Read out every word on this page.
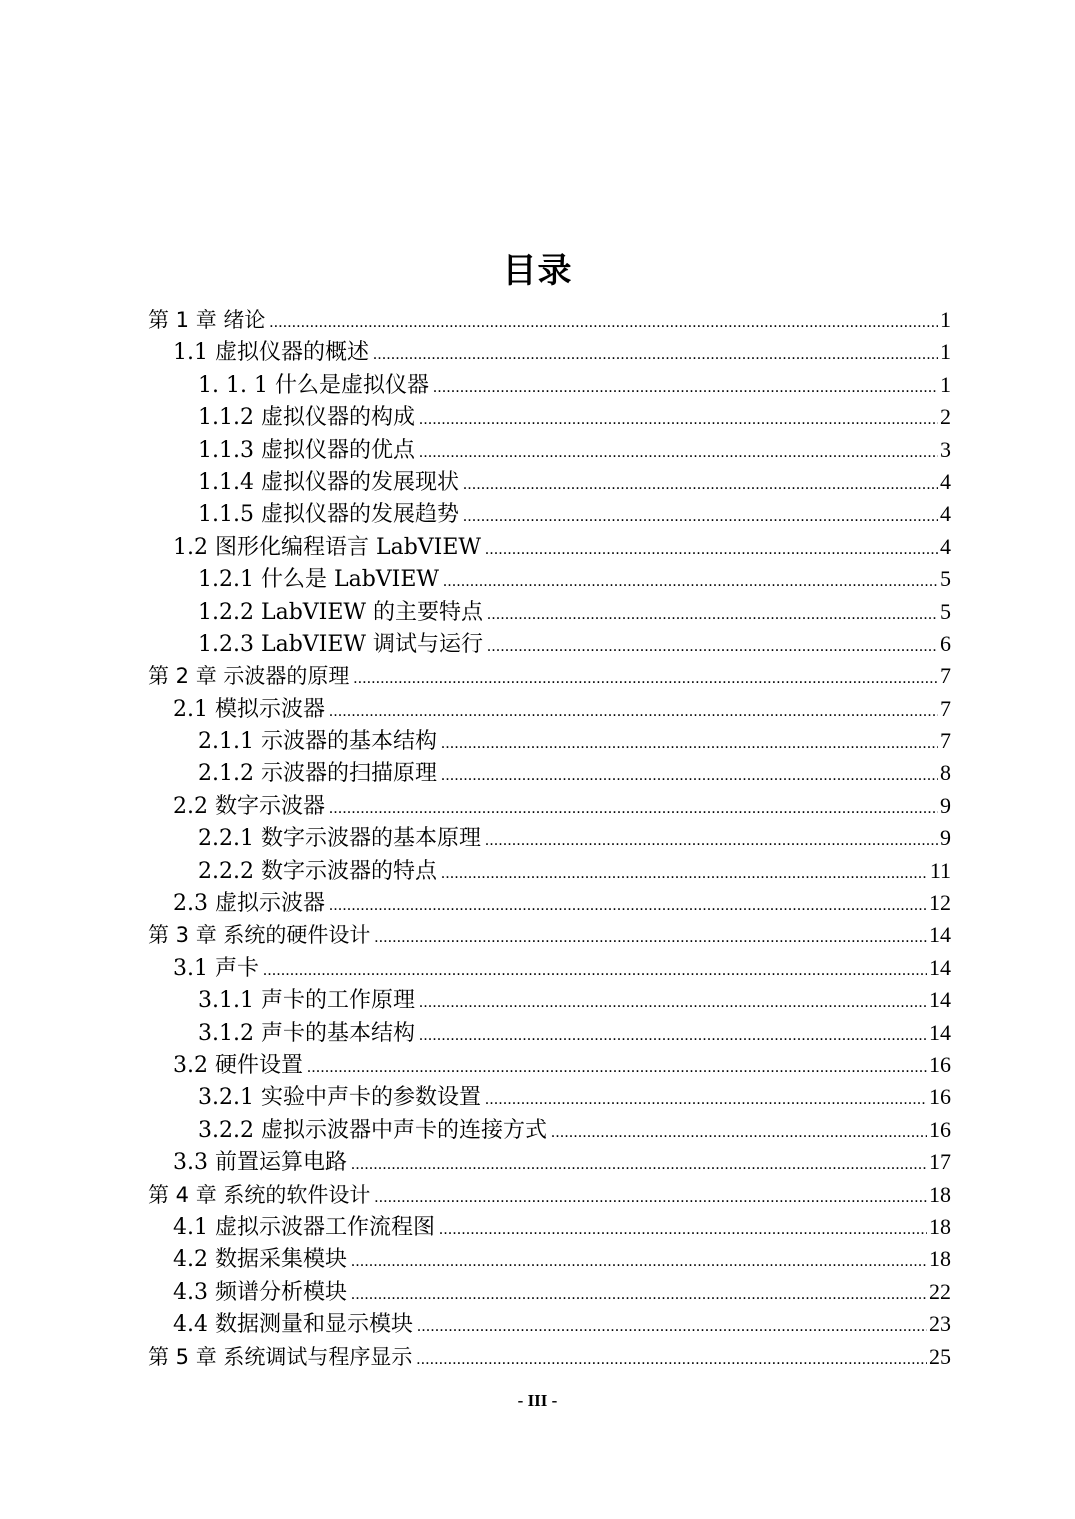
目录
第 1 章 绪论 .....	1
1.1 虚拟仪器的概述 .....	1
1. 1. 1 什么是虚拟仪器 .....	1
1.1.2 虚拟仪器的构成 .....	2
1.1.3 虚拟仪器的优点 .....	3
1.1.4 虚拟仪器的发展现状 .....	4
1.1.5 虚拟仪器的发展趋势 .....	4
1.2 图形化编程语言 LabVIEW .....	4
1.2.1 什么是 LabVIEW .....	5
1.2.2 LabVIEW 的主要特点 .....	5
1.2.3 LabVIEW 调试与运行 .....	6
第 2 章 示波器的原理 .....	7
2.1 模拟示波器 .....	7
2.1.1 示波器的基本结构 .....	7
2.1.2 示波器的扫描原理 .....	8
2.2 数字示波器 .....	9
2.2.1 数字示波器的基本原理 .....	9
2.2.2 数字示波器的特点 .....	11
2.3 虚拟示波器 .....	12
第 3 章 系统的硬件设计 .....	14
3.1 声卡 .....	14
3.1.1 声卡的工作原理 .....	14
3.1.2 声卡的基本结构 .....	14
3.2 硬件设置 .....	16
3.2.1 实验中声卡的参数设置 .....	16
3.2.2 虚拟示波器中声卡的连接方式 .....	16
3.3 前置运算电路 .....	17
第 4 章 系统的软件设计 .....	18
4.1 虚拟示波器工作流程图 .....	18
4.2 数据采集模块 .....	18
4.3 频谱分析模块 .....	22
4.4 数据测量和显示模块 .....	23
第 5 章 系统调试与程序显示 .....	25
- III -
